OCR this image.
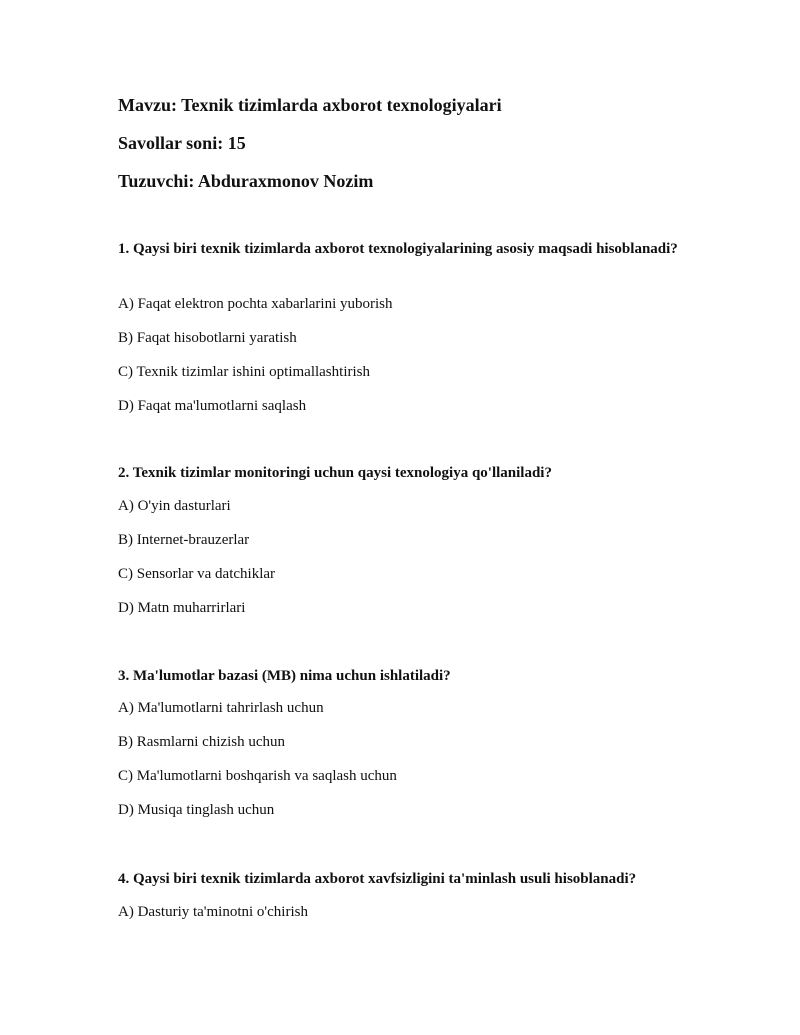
Mavzu: Texnik tizimlarda axborot texnologiyalari
Savollar soni: 15
Tuzuvchi: Abduraxmonov Nozim

1. Qaysi biri texnik tizimlarda axborot texnologiyalarining asosiy maqsadi hisoblanadi?

A) Faqat elektron pochta xabarlarini yuborish

B) Faqat hisobotlarni yaratish

C) Texnik tizimlar ishini optimallashtirish

D) Faqat ma'lumotlarni saqlash

2. Texnik tizimlar monitoringi uchun qaysi texnologiya qo'llaniladi?

A) O'yin dasturlari

B) Internet-brauzerlar

C) Sensorlar va datchiklar

D) Matn muharrirlari

3. Ma'lumotlar bazasi (MB) nima uchun ishlatiladi?

A) Ma'lumotlarni tahrirlash uchun

B) Rasmlarni chizish uchun

C) Ma'lumotlarni boshqarish va saqlash uchun

D) Musiqa tinglash uchun

4. Qaysi biri texnik tizimlarda axborot xavfsizligini ta'minlash usuli hisoblanadi?

A) Dasturiy ta'minotni o'chirish
